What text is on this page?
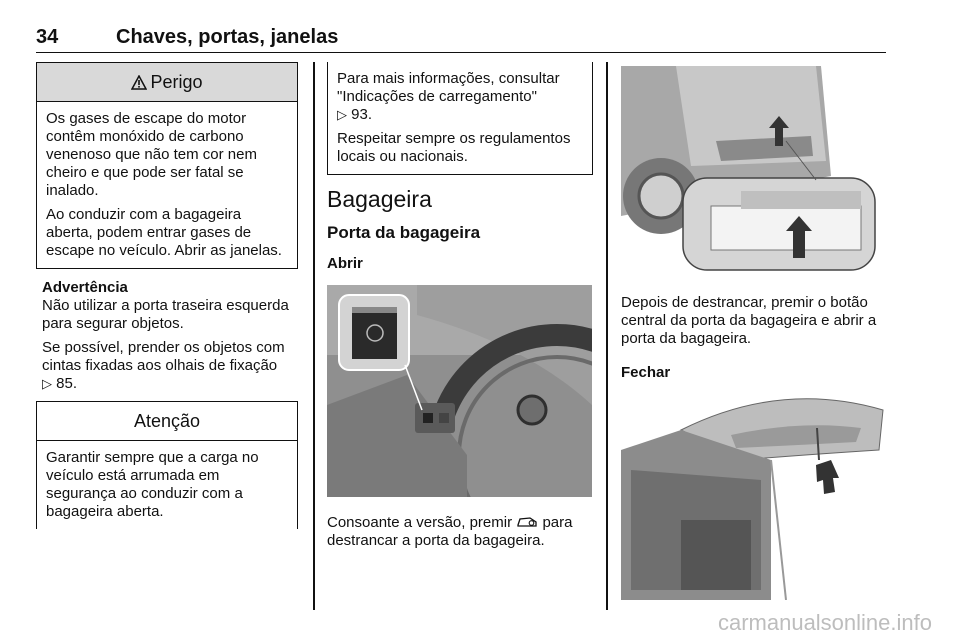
34	Chaves, portas, janelas
Perigo

Os gases de escape do motor contêm monóxido de carbono venenoso que não tem cor nem cheiro e que pode ser fatal se inalado.

Ao conduzir com a bagageira aberta, podem entrar gases de escape no veículo. Abrir as janelas.

Advertência

Não utilizar a porta traseira esquerda para segurar objetos.

Se possível, prender os objetos com cintas fixadas aos olhais de fixação
▷ 85.

Atenção

Garantir sempre que a carga no veículo está arrumada em segurança ao conduzir com a bagageira aberta.

Para mais informações, consultar "Indicações de carregamento"
▷ 93.

Respeitar sempre os regulamentos locais ou nacionais.

Bagageira
Porta da bagageira
Abrir
Consoante a versão, premir para destrancar a porta da bagageira.

Depois de destrancar, premir o botão central da porta da bagageira e abrir a porta da bagageira.

Fechar
carmanualsonline.info
